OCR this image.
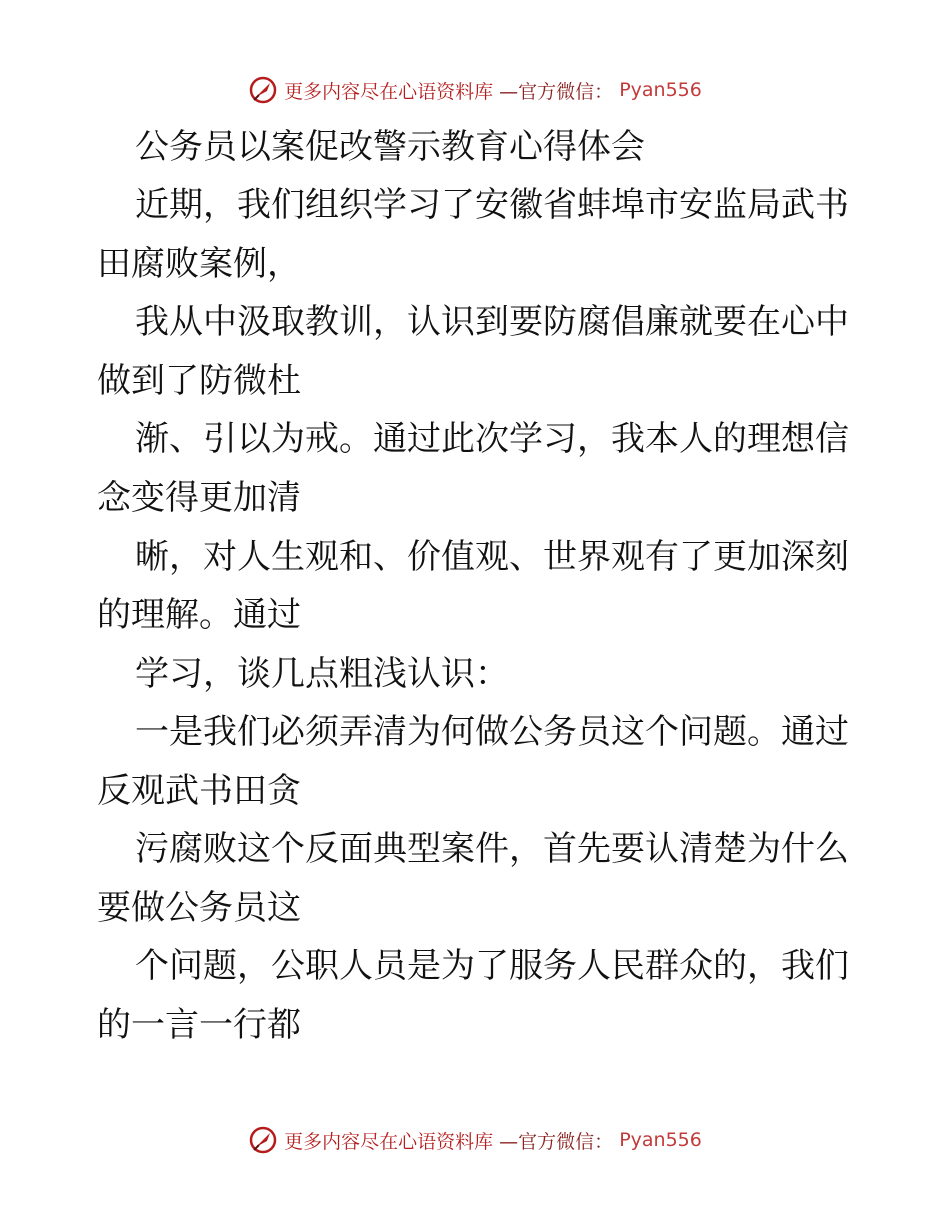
更多内容尽在心语资料库 —官方微信： Pyan556
公务员以案促改警示教育心得体会
近期，我们组织学习了安徽省蚌埠市安监局武书
田腐败案例，
我从中汲取教训，认识到要防腐倡廉就要在心中
做到了防微杜
渐、引以为戒。通过此次学习，我本人的理想信
念变得更加清
晰，对人生观和、价值观、世界观有了更加深刻
的理解。通过
学习，谈几点粗浅认识：
一是我们必须弄清为何做公务员这个问题。通过
反观武书田贪
污腐败这个反面典型案件，首先要认清楚为什么
要做公务员这
个问题，公职人员是为了服务人民群众的，我们
的一言一行都
更多内容尽在心语资料库 —官方微信： Pyan556
